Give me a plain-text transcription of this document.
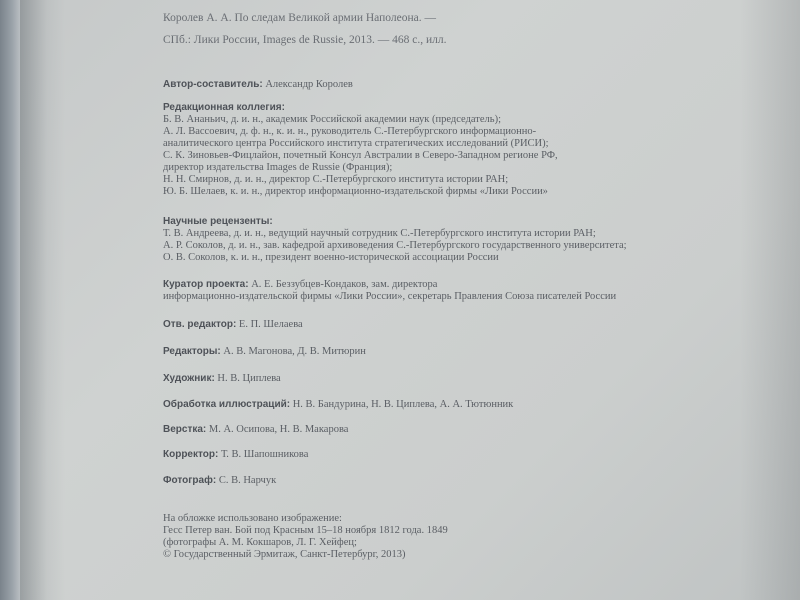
Королев А. А. По следам Великой армии Наполеона. —
СПб.: Лики России, Images de Russie, 2013. — 468 с., илл.
Автор-составитель: Александр Королев
Редакционная коллегия:
Б. В. Ананьич, д. и. н., академик Российской академии наук (председатель);
А. Л. Вассоевич, д. ф. н., к. и. н., руководитель С.-Петербургского информационно-
аналитического центра Российского института стратегических исследований (РИСИ);
С. К. Зиновьев-Фицлайон, почетный Консул Австралии в Северо-Западном регионе РФ,
директор издательства Images de Russie (Франция);
Н. Н. Смирнов, д. и. н., директор С.-Петербургского института истории РАН;
Ю. Б. Шелаев, к. и. н., директор информационно-издательской фирмы «Лики России»
Научные рецензенты:
Т. В. Андреева, д. и. н., ведущий научный сотрудник С.-Петербургского института истории РАН;
А. Р. Соколов, д. и. н., зав. кафедрой архивоведения С.-Петербургского государственного университета;
О. В. Соколов, к. и. н., президент военно-исторической ассоциации России
Куратор проекта: А. Е. Беззубцев-Кондаков, зам. директора
информационно-издательской фирмы «Лики России», секретарь Правления Союза писателей России
Отв. редактор: Е. П. Шелаева
Редакторы: А. В. Магонова, Д. В. Митюрин
Художник: Н. В. Циплева
Обработка иллюстраций: Н. В. Бандурина, Н. В. Циплева, А. А. Тютюнник
Верстка: М. А. Осипова, Н. В. Макарова
Корректор: Т. В. Шапошникова
Фотограф: С. В. Нарчук
На обложке использовано изображение:
Гесс Петер ван. Бой под Красным 15–18 ноября 1812 года. 1849
(фотографы А. М. Кокшаров, Л. Г. Хейфец;
© Государственный Эрмитаж, Санкт-Петербург, 2013)
